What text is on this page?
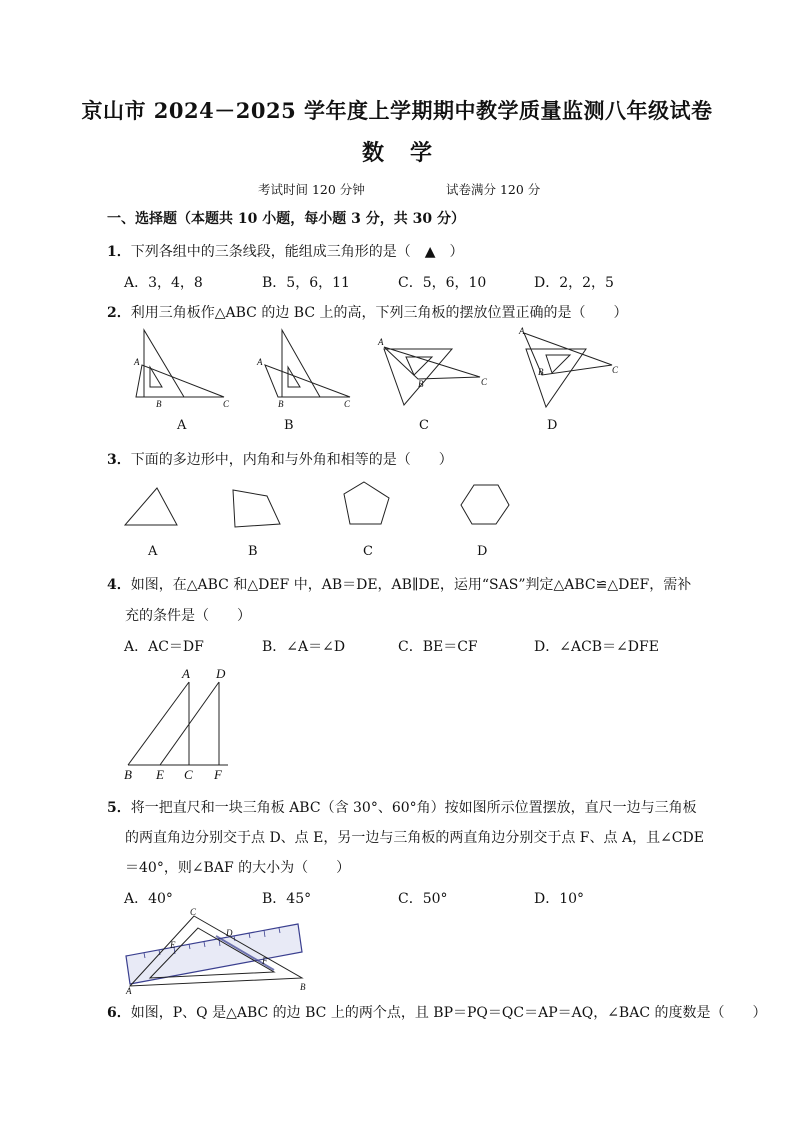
京山市 2024－2025 学年度上学期期中教学质量监测八年级试卷
数学
考试时间 120 分钟	试卷满分 120 分
一、选择题（本题共 10 小题，每小题 3 分，共 30 分）
1．下列各组中的三条线段，能组成三角形的是（　▲　）
A．3，4，8	B．5，6，11	C．5，6，10	D．2，2，5
2．利用三角板作△ABC 的边 BC 上的高，下列三角板的摆放位置正确的是（　　）
A
B	C
A
B	C
A
B	C
A
B	C
A	B	C	D
3．下面的多边形中，内角和与外角和相等的是（　　）
A	B	C	D
4．如图，在△ABC 和△DEF 中，AB＝DE，AB∥DE，运用“SAS”判定△ABC≌△DEF，需补
充的条件是（　　）
A．AC＝DF	B．∠A＝∠D	C．BE＝CF	D．∠ACB＝∠DFE
A D
B E C F
5．将一把直尺和一块三角板 ABC（含 30°、60°角）按如图所示位置摆放，直尺一边与三角板
的两直角边分别交于点 D、点 E，另一边与三角板的两直角边分别交于点 F、点 A，且∠CDE
＝40°，则∠BAF 的大小为（　　）
A．40°	B．45°	C．50°	D．10°
C
D
E
F
A	B
6．如图，P、Q 是△ABC 的边 BC 上的两个点，且 BP＝PQ＝QC＝AP＝AQ，∠BAC 的度数是（　　）
